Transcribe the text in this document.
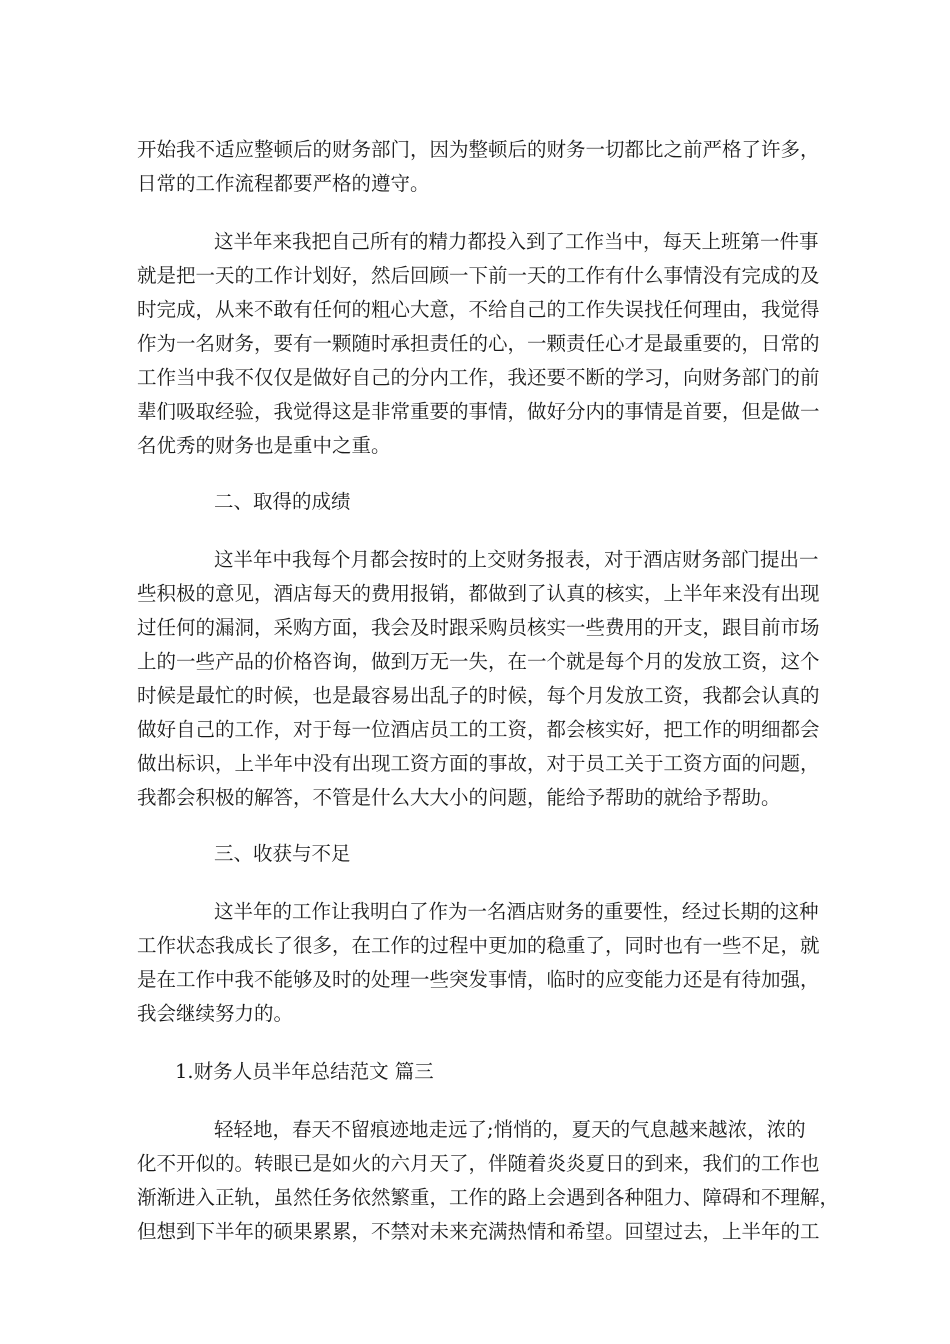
开始我不适应整顿后的财务部门，因为整顿后的财务一切都比之前严格了许多，
日常的工作流程都要严格的遵守。
这半年来我把自己所有的精力都投入到了工作当中，每天上班第一件事
就是把一天的工作计划好，然后回顾一下前一天的工作有什么事情没有完成的及
时完成，从来不敢有任何的粗心大意，不给自己的工作失误找任何理由，我觉得
作为一名财务，要有一颗随时承担责任的心，一颗责任心才是最重要的，日常的
工作当中我不仅仅是做好自己的分内工作，我还要不断的学习，向财务部门的前
辈们吸取经验，我觉得这是非常重要的事情，做好分内的事情是首要，但是做一
名优秀的财务也是重中之重。
二、取得的成绩
这半年中我每个月都会按时的上交财务报表，对于酒店财务部门提出一
些积极的意见，酒店每天的费用报销，都做到了认真的核实，上半年来没有出现
过任何的漏洞，采购方面，我会及时跟采购员核实一些费用的开支，跟目前市场
上的一些产品的价格咨询，做到万无一失，在一个就是每个月的发放工资，这个
时候是最忙的时候，也是最容易出乱子的时候，每个月发放工资，我都会认真的
做好自己的工作，对于每一位酒店员工的工资，都会核实好，把工作的明细都会
做出标识，上半年中没有出现工资方面的事故，对于员工关于工资方面的问题，
我都会积极的解答，不管是什么大大小的问题，能给予帮助的就给予帮助。
三、收获与不足
这半年的工作让我明白了作为一名酒店财务的重要性，经过长期的这种
工作状态我成长了很多，在工作的过程中更加的稳重了，同时也有一些不足，就
是在工作中我不能够及时的处理一些突发事情，临时的应变能力还是有待加强，
我会继续努力的。
1.财务人员半年总结范文 篇三
轻轻地，春天不留痕迹地走远了;悄悄的，夏天的气息越来越浓，浓的
化不开似的。转眼已是如火的六月天了，伴随着炎炎夏日的到来，我们的工作也
渐渐进入正轨，虽然任务依然繁重，工作的路上会遇到各种阻力、障碍和不理解，
但想到下半年的硕果累累，不禁对未来充满热情和希望。回望过去，上半年的工
